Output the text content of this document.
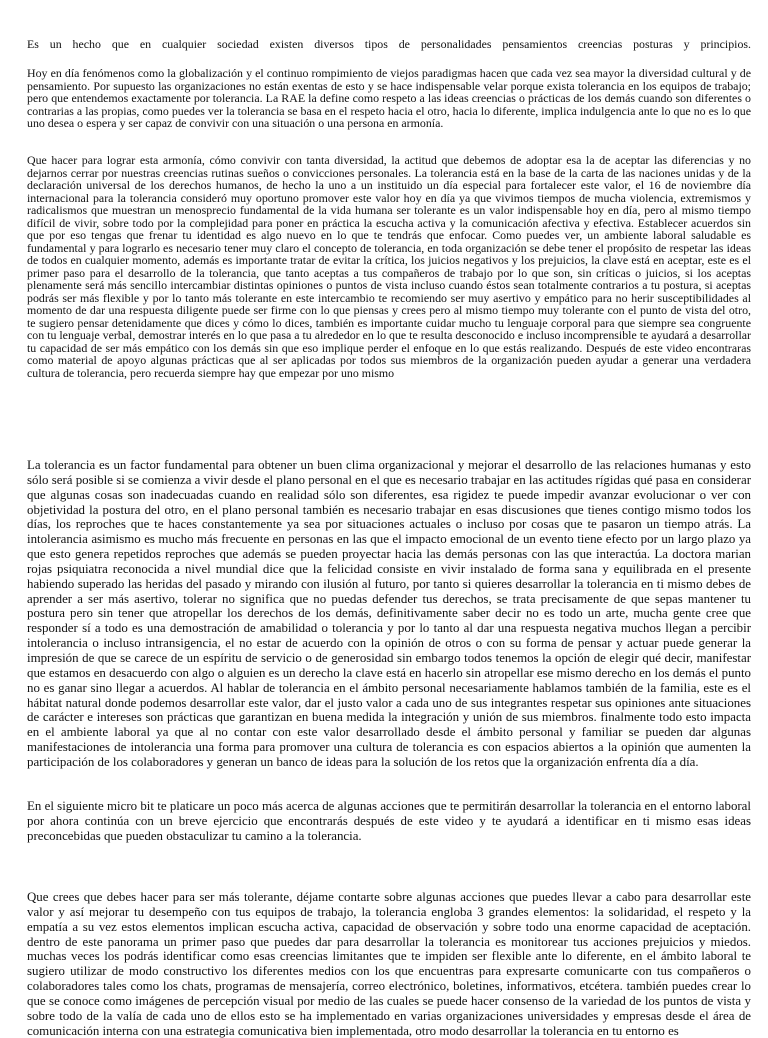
Es un hecho que en cualquier sociedad existen diversos tipos de personalidades pensamientos creencias posturas y principios.

Hoy en día fenómenos como la globalización y el continuo rompimiento de viejos paradigmas hacen que cada vez sea mayor la diversidad cultural y de pensamiento. Por supuesto las organizaciones no están exentas de esto y se hace indispensable velar porque exista tolerancia en los equipos de trabajo; pero que entendemos exactamente por tolerancia. La RAE la define como respeto a las ideas creencias o prácticas de los demás cuando son diferentes o contrarias a las propias, como puedes ver la tolerancia se basa en el respeto hacia el otro, hacia lo diferente, implica indulgencia ante lo que no es lo que uno desea o espera y ser capaz de convivir con una situación o una persona en armonía.

Que hacer para lograr esta armonía, cómo convivir con tanta diversidad, la actitud que debemos de adoptar esa la de aceptar las diferencias y no dejarnos cerrar por nuestras creencias rutinas sueños o convicciones personales. La tolerancia está en la base de la carta de las naciones unidas y de la declaración universal de los derechos humanos, de hecho la uno a un instituido un día especial para fortalecer este valor, el 16 de noviembre día internacional para la tolerancia consideró muy oportuno promover este valor hoy en día ya que vivimos tiempos de mucha violencia, extremismos y radicalismos que muestran un menosprecio fundamental de la vida humana ser tolerante es un valor indispensable hoy en día, pero al mismo tiempo difícil de vivir, sobre todo por la complejidad para poner en práctica la escucha activa y la comunicación afectiva y efectiva. Establecer acuerdos sin que por eso tengas que frenar tu identidad es algo nuevo en lo que te tendrás que enfocar. Como puedes ver, un ambiente laboral saludable es fundamental y para lograrlo es necesario tener muy claro el concepto de tolerancia, en toda organización se debe tener el propósito de respetar las ideas de todos en cualquier momento, además es importante tratar de evitar la crítica, los juicios negativos y los prejuicios, la clave está en aceptar, este es el primer paso para el desarrollo de la tolerancia, que tanto aceptas a tus compañeros de trabajo por lo que son, sin críticas o juicios, si los aceptas plenamente será más sencillo intercambiar distintas opiniones o puntos de vista incluso cuando éstos sean totalmente contrarios a tu postura, si aceptas podrás ser más flexible y por lo tanto más tolerante en este intercambio te recomiendo ser muy asertivo y empático para no herir susceptibilidades al momento de dar una respuesta diligente puede ser firme con lo que piensas y crees pero al mismo tiempo muy tolerante con el punto de vista del otro, te sugiero pensar detenidamente que dices y cómo lo dices, también es importante cuidar mucho tu lenguaje corporal para que siempre sea congruente con tu lenguaje verbal, demostrar interés en lo que pasa a tu alrededor en lo que te resulta desconocido e incluso incomprensible te ayudará a desarrollar tu capacidad de ser más empático con los demás sin que eso implique perder el enfoque en lo que estás realizando. Después de este video encontraras como material de apoyo algunas prácticas que al ser aplicadas por todos sus miembros de la organización pueden ayudar a generar una verdadera cultura de tolerancia, pero recuerda siempre hay que empezar por uno mismo

La tolerancia es un factor fundamental para obtener un buen clima organizacional y mejorar el desarrollo de las relaciones humanas y esto sólo será posible si se comienza a vivir desde el plano personal en el que es necesario trabajar en las actitudes rígidas qué pasa en considerar que algunas cosas son inadecuadas cuando en realidad sólo son diferentes, esa rigidez te puede impedir avanzar evolucionar o ver con objetividad la postura del otro, en el plano personal también es necesario trabajar en esas discusiones que tienes contigo mismo todos los días, los reproches que te haces constantemente ya sea por situaciones actuales o incluso por cosas que te pasaron un tiempo atrás. La intolerancia asimismo es mucho más frecuente en personas en las que el impacto emocional de un evento tiene efecto por un largo plazo ya que esto genera repetidos reproches que además se pueden proyectar hacia las demás personas con las que interactúa. La doctora marian rojas psiquiatra reconocida a nivel mundial dice que la felicidad consiste en vivir instalado de forma sana y equilibrada en el presente habiendo superado las heridas del pasado y mirando con ilusión al futuro, por tanto si quieres desarrollar la tolerancia en ti mismo debes de aprender a ser más asertivo, tolerar no significa que no puedas defender tus derechos, se trata precisamente de que sepas mantener tu postura pero sin tener que atropellar los derechos de los demás, definitivamente saber decir no es todo un arte, mucha gente cree que responder sí a todo es una demostración de amabilidad o tolerancia y por lo tanto al dar una respuesta negativa muchos llegan a percibir intolerancia o incluso intransigencia, el no estar de acuerdo con la opinión de otros o con su forma de pensar y actuar puede generar la impresión de que se carece de un espíritu de servicio o de generosidad sin embargo todos tenemos la opción de elegir qué decir, manifestar que estamos en desacuerdo con algo o alguien es un derecho la clave está en hacerlo sin atropellar ese mismo derecho en los demás el punto no es ganar sino llegar a acuerdos. Al hablar de tolerancia en el ámbito personal necesariamente hablamos también de la familia, este es el hábitat natural donde podemos desarrollar este valor, dar el justo valor a cada uno de sus integrantes respetar sus opiniones ante situaciones de carácter e intereses son prácticas que garantizan en buena medida la integración y unión de sus miembros. finalmente todo esto impacta en el ambiente laboral ya que al no contar con este valor desarrollado desde el ámbito personal y familiar se pueden dar algunas manifestaciones de intolerancia una forma para promover una cultura de tolerancia es con espacios abiertos a la opinión que aumenten la participación de los colaboradores y generan un banco de ideas para la solución de los retos que la organización enfrenta día a día.

En el siguiente micro bit te platicare un poco más acerca de algunas acciones que te permitirán desarrollar la tolerancia en el entorno laboral por ahora continúa con un breve ejercicio que encontrarás después de este video y te ayudará a identificar en ti mismo esas ideas preconcebidas que pueden obstaculizar tu camino a la tolerancia.

Que crees que debes hacer para ser más tolerante, déjame contarte sobre algunas acciones que puedes llevar a cabo para desarrollar este valor y así mejorar tu desempeño con tus equipos de trabajo, la tolerancia engloba 3 grandes elementos: la solidaridad, el respeto y la empatía a su vez estos elementos implican escucha activa, capacidad de observación y sobre todo una enorme capacidad de aceptación. dentro de este panorama un primer paso que puedes dar para desarrollar la tolerancia es monitorear tus acciones prejuicios y miedos. muchas veces los podrás identificar como esas creencias limitantes que te impiden ser flexible ante lo diferente, en el ámbito laboral te sugiero utilizar de modo constructivo los diferentes medios con los que encuentras para expresarte comunicarte con tus compañeros o colaboradores tales como los chats, programas de mensajería, correo electrónico, boletines, informativos, etcétera. también puedes crear lo que se conoce como imágenes de percepción visual por medio de las cuales se puede hacer consenso de la variedad de los puntos de vista y sobre todo de la valía de cada uno de ellos esto se ha implementado en varias organizaciones universidades y empresas desde el área de comunicación interna con una estrategia comunicativa bien implementada, otro modo desarrollar la tolerancia en tu entorno es
